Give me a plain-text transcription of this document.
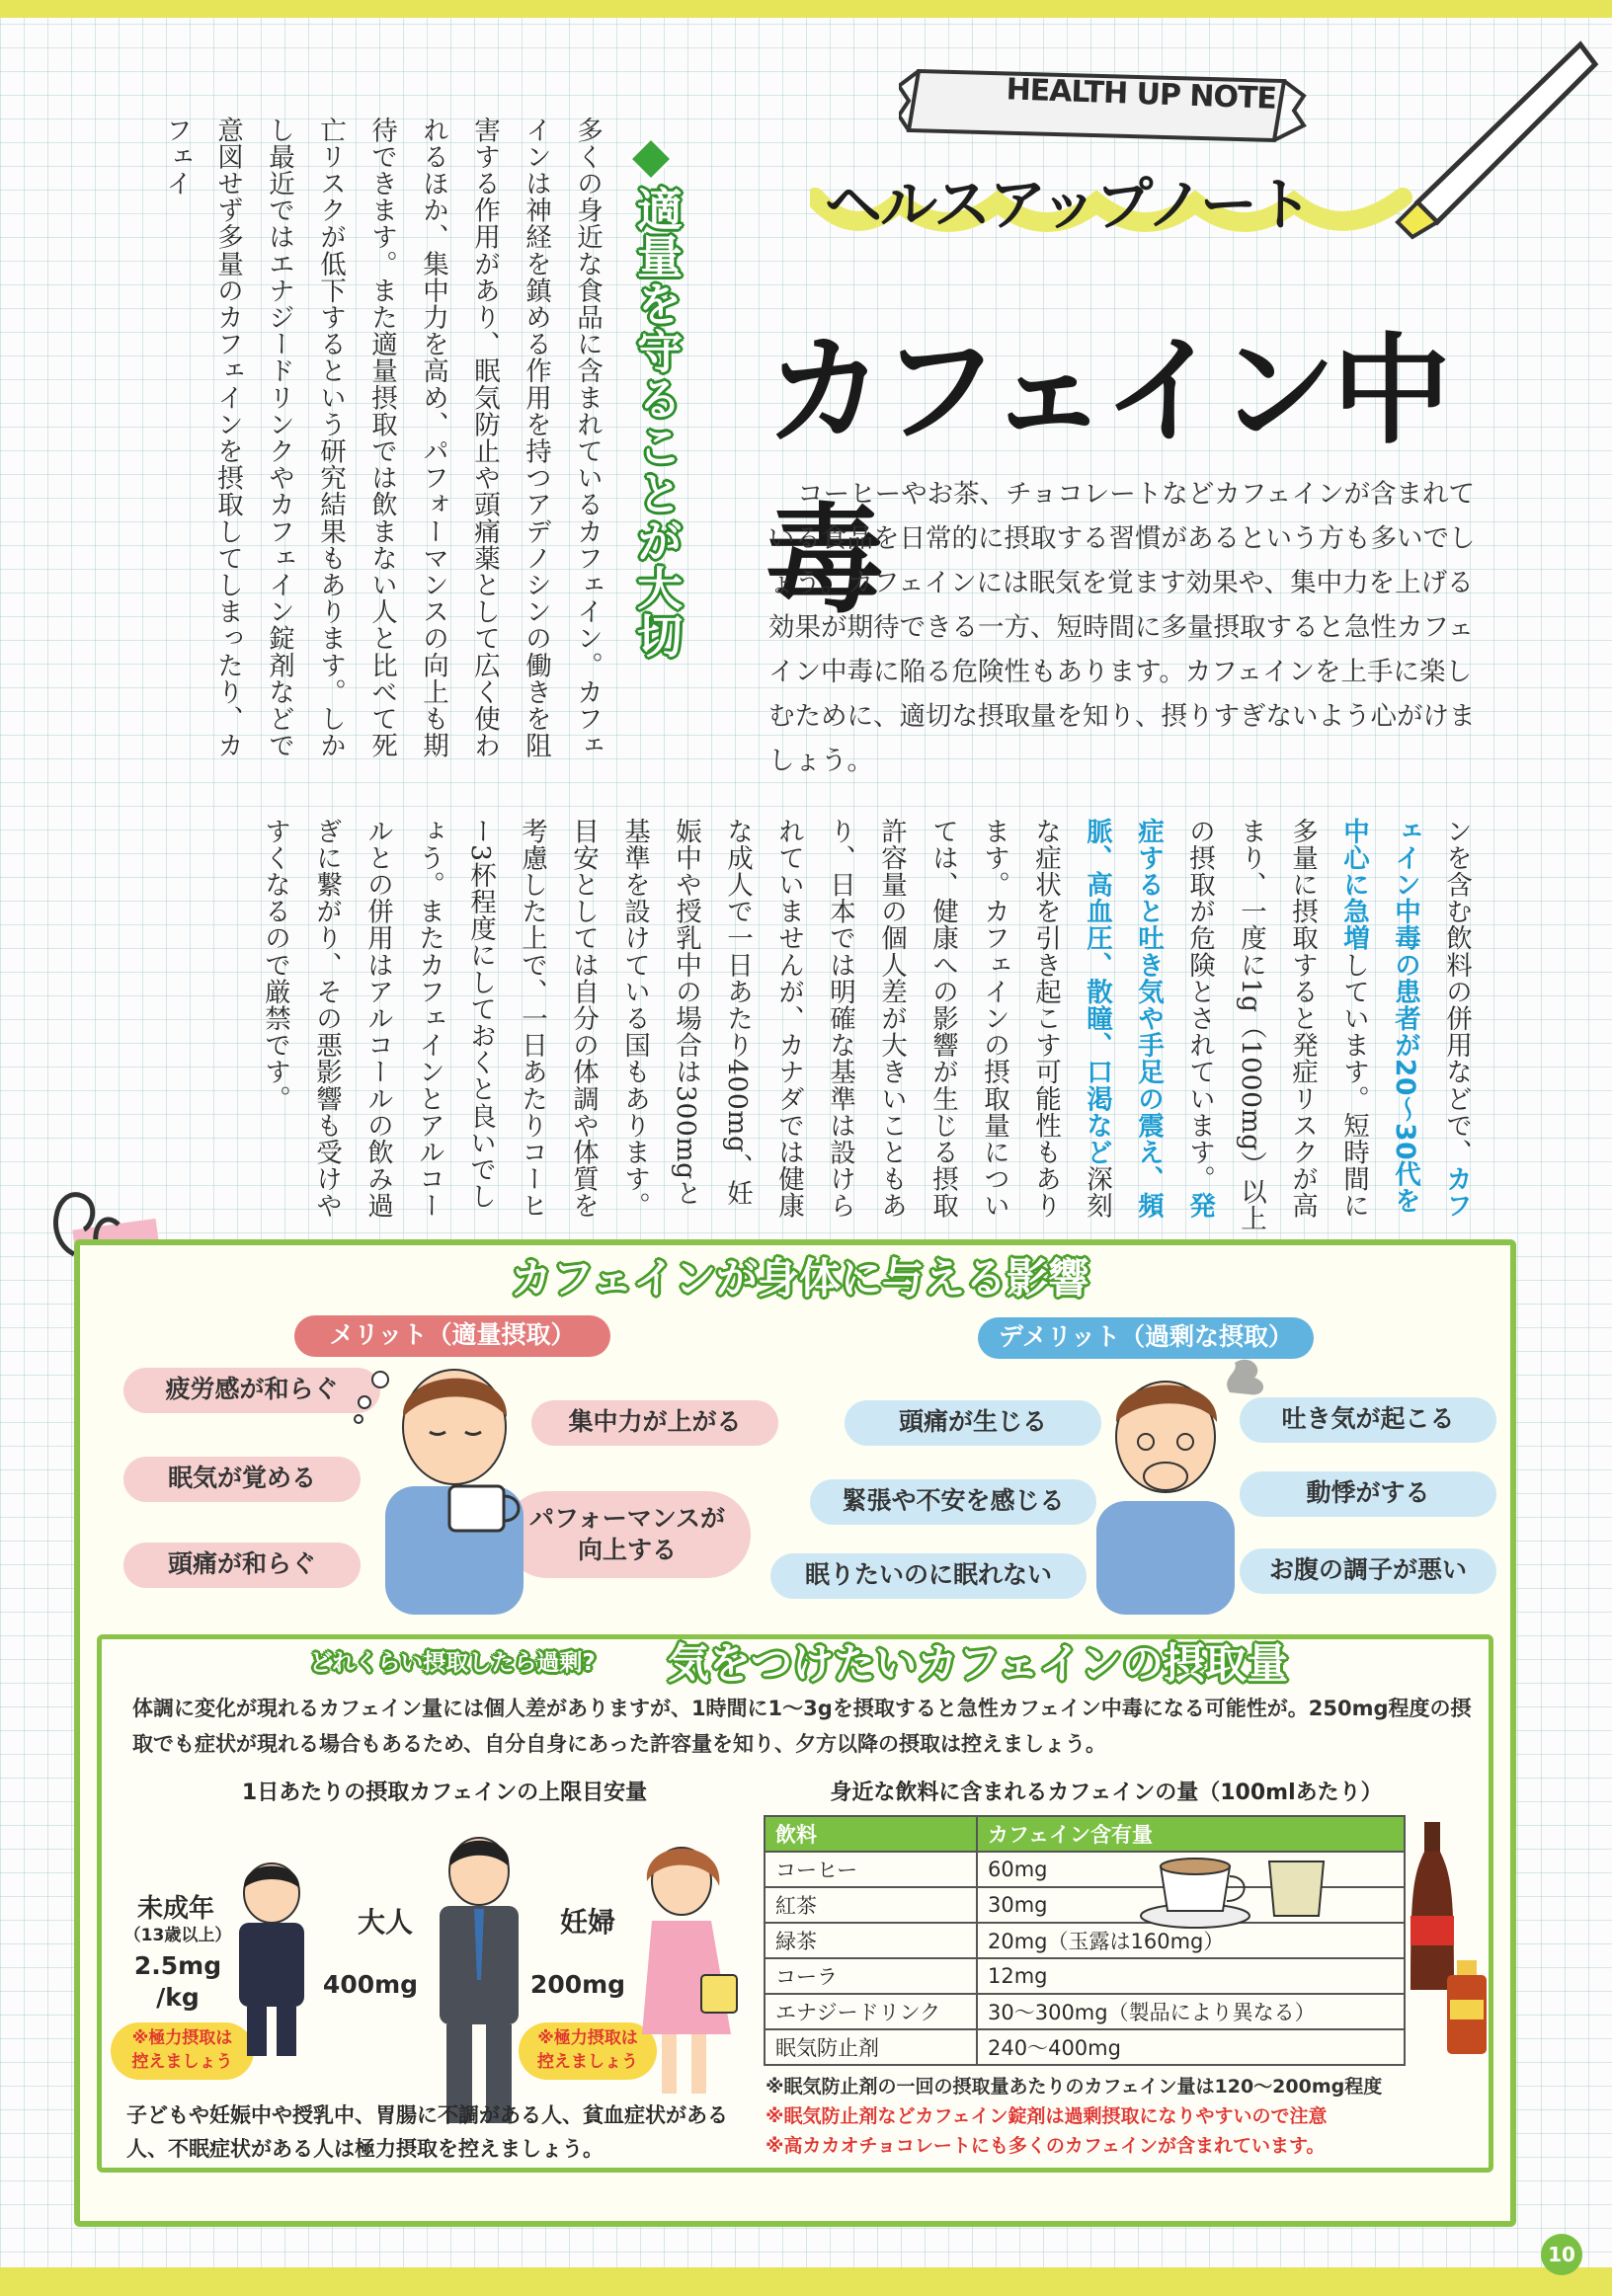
HEALTH UP NOTE
ヘルスアップノート
カフェイン中毒
コーヒーやお茶、チョコレートなどカフェインが含まれている食品を日常的に摂取する習慣があるという方も多いでしょう。カフェインには眠気を覚ます効果や、集中力を上げる効果が期待できる一方、短時間に多量摂取すると急性カフェイン中毒に陥る危険性もあります。カフェインを上手に楽しむために、適切な摂取量を知り、摂りすぎないよう心がけましょう。
適量を守ることが大切
多くの身近な食品に含まれているカフェイン。カフェインは神経を鎮める作用を持つアデノシンの働きを阻害する作用があり、眠気防止や頭痛薬として広く使われるほか、集中力を高め、パフォーマンスの向上も期待できます。また適量摂取では飲まない人と比べて死亡リスクが低下するという研究結果もあります。しかし最近ではエナジードリンクやカフェイン錠剤などで意図せず多量のカフェインを摂取してしまったり、カフェイ
ンを含む飲料の併用などで、カフェイン中毒の患者が20〜30代を中心に急増しています。短時間に多量に摂取すると発症リスクが高まり、一度に1g（1000mg）以上の摂取が危険とされています。発症すると吐き気や手足の震え、頻脈、高血圧、散瞳、口渇など深刻な症状を引き起こす可能性もあります。カフェインの摂取量については、健康への影響が生じる摂取許容量の個人差が大きいこともあり、日本では明確な基準は設けられていませんが、カナダでは健康な成人で一日あたり400mg、妊娠中や授乳中の場合は300mgと基準を設けている国もあります。目安としては自分の体調や体質を考慮した上で、一日あたりコーヒー3杯程度にしておくと良いでしょう。またカフェインとアルコールとの併用はアルコールの飲み過ぎに繋がり、その悪影響も受けやすくなるので厳禁です。
カフェインが身体に与える影響
メリット（適量摂取）	デメリット（過剰な摂取）
疲労感が和らぐ
眠気が覚める
頭痛が和らぐ
集中力が上がる
パフォーマンスが
向上する
頭痛が生じる
緊張や不安を感じる
眠りたいのに眠れない
吐き気が起こる
動悸がする
お腹の調子が悪い
どれくらい摂取したら過剰?	気をつけたいカフェインの摂取量
体調に変化が現れるカフェイン量には個人差がありますが、1時間に1〜3gを摂取すると急性カフェイン中毒になる可能性が。250mg程度の摂取でも症状が現れる場合もあるため、自分自身にあった許容量を知り、夕方以降の摂取は控えましょう。
1日あたりの摂取カフェインの上限目安量
未成年
（13歳以上）
2.5mg
/kg
※極力摂取は
控えましょう
大人
400mg
妊婦
200mg
※極力摂取は
控えましょう
子どもや妊娠中や授乳中、胃腸に不調がある人、貧血症状がある人、不眠症状がある人は極力摂取を控えましょう。
身近な飲料に含まれるカフェインの量（100mlあたり）
飲料	カフェイン含有量
コーヒー	60mg
紅茶	30mg
緑茶	20mg（玉露は160mg）
コーラ	12mg
エナジードリンク	30〜300mg（製品により異なる）
眠気防止剤	240〜400mg
※眠気防止剤の一回の摂取量あたりのカフェイン量は120〜200mg程度
※眠気防止剤などカフェイン錠剤は過剰摂取になりやすいので注意
※高カカオチョコレートにも多くのカフェインが含まれています。
10
